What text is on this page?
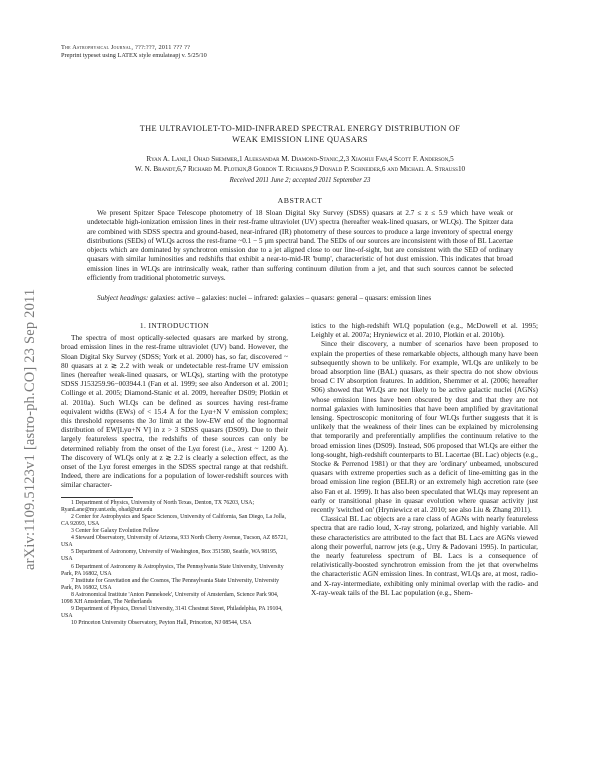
arXiv:1109.5123v1 [astro-ph.CO] 23 Sep 2011
The Astrophysical Journal, ???:???, 2011 ??? ??
Preprint typeset using LATEX style emulateapj v. 5/25/10
THE ULTRAVIOLET-TO-MID-INFRARED SPECTRAL ENERGY DISTRIBUTION OF
WEAK EMISSION LINE QUASARS
Ryan A. Lane,1 Ohad Shemmer,1 Aleksandar M. Diamond-Stanic,2,3 Xiaohui Fan,4 Scott F. Anderson,5
W. N. Brandt,6,7 Richard M. Plotkin,8 Gordon T. Richards,9 Donald P. Schneider,6 and Michael A. Strauss10
Received 2011 June 2; accepted 2011 September 23
ABSTRACT

We present Spitzer Space Telescope photometry of 18 Sloan Digital Sky Survey (SDSS) quasars at 2.7 ≤ z ≤ 5.9 which have weak or undetectable high-ionization emission lines in their rest-frame ultraviolet (UV) spectra (hereafter weak-lined quasars, or WLQs). The Spitzer data are combined with SDSS spectra and ground-based, near-infrared (IR) photometry of these sources to produce a large inventory of spectral energy distributions (SEDs) of WLQs across the rest-frame ~0.1 − 5 μm spectral band. The SEDs of our sources are inconsistent with those of BL Lacertae objects which are dominated by synchrotron emission due to a jet aligned close to our line-of-sight, but are consistent with the SED of ordinary quasars with similar luminosities and redshifts that exhibit a near-to-mid-IR 'bump', characteristic of hot dust emission. This indicates that broad emission lines in WLQs are intrinsically weak, rather than suffering continuum dilution from a jet, and that such sources cannot be selected efficiently from traditional photometric surveys.

Subject headings: galaxies: active – galaxies: nuclei – infrared: galaxies – quasars: general – quasars: emission lines

1. INTRODUCTION

The spectra of most optically-selected quasars are marked by strong, broad emission lines in the rest-frame ultraviolet (UV) band. However, the Sloan Digital Sky Survey (SDSS; York et al. 2000) has, so far, discovered ~ 80 quasars at z ≳ 2.2 with weak or undetectable rest-frame UV emission lines (hereafter weak-lined quasars, or WLQs), starting with the prototype SDSS J153259.96−003944.1 (Fan et al. 1999; see also Anderson et al. 2001; Collinge et al. 2005; Diamond-Stanic et al. 2009, hereafter DS09; Plotkin et al. 2010a). Such WLQs can be defined as sources having rest-frame equivalent widths (EWs) of < 15.4 Å for the Lyα+N V emission complex; this threshold represents the 3σ limit at the low-EW end of the lognormal distribution of EW[Lyα+N V] in z > 3 SDSS quasars (DS09). Due to their largely featureless spectra, the redshifts of these sources can only be determined reliably from the onset of the Lyα forest (i.e., λrest ~ 1200 Å). The discovery of WLQs only at z ≳ 2.2 is clearly a selection effect, as the onset of the Lyα forest emerges in the SDSS spectral range at that redshift. Indeed, there are indications for a population of lower-redshift sources with similar character-

1 Department of Physics, University of North Texas, Denton, TX 76203, USA; RyanLane@my.unt.edu, ohad@unt.edu

2 Center for Astrophysics and Space Sciences, University of California, San Diego, La Jolla, CA 92093, USA

3 Center for Galaxy Evolution Fellow

4 Steward Observatory, University of Arizona, 933 North Cherry Avenue, Tucson, AZ 85721, USA

5 Department of Astronomy, University of Washington, Box 351580, Seattle, WA 98195, USA

6 Department of Astronomy & Astrophysics, The Pennsylvania State University, University Park, PA 16802, USA

7 Institute for Gravitation and the Cosmos, The Pennsylvania State University, University Park, PA 16802, USA

8 Astronomical Institute 'Anton Pannekoek', University of Amsterdam, Science Park 904, 1098 XH Amsterdam, The Netherlands

9 Department of Physics, Drexel University, 3141 Chestnut Street, Philadelphia, PA 19104, USA

10 Princeton University Observatory, Peyton Hall, Princeton, NJ 08544, USA

istics to the high-redshift WLQ population (e.g., McDowell et al. 1995; Leighly et al. 2007a; Hryniewicz et al. 2010, Plotkin et al. 2010b).

Since their discovery, a number of scenarios have been proposed to explain the properties of these remarkable objects, although many have been subsequently shown to be unlikely. For example, WLQs are unlikely to be broad absorption line (BAL) quasars, as their spectra do not show obvious broad C IV absorption features. In addition, Shemmer et al. (2006; hereafter S06) showed that WLQs are not likely to be active galactic nuclei (AGNs) whose emission lines have been obscured by dust and that they are not normal galaxies with luminosities that have been amplified by gravitational lensing. Spectroscopic monitoring of four WLQs further suggests that it is unlikely that the weakness of their lines can be explained by microlensing that temporarily and preferentially amplifies the continuum relative to the broad emission lines (DS09). Instead, S06 proposed that WLQs are either the long-sought, high-redshift counterparts to BL Lacertae (BL Lac) objects (e.g., Stocke & Perrenod 1981) or that they are 'ordinary' unbeamed, unobscured quasars with extreme properties such as a deficit of line-emitting gas in the broad emission line region (BELR) or an extremely high accretion rate (see also Fan et al. 1999). It has also been speculated that WLQs may represent an early or transitional phase in quasar evolution where quasar activity just recently 'switched on' (Hryniewicz et al. 2010; see also Liu & Zhang 2011).

Classical BL Lac objects are a rare class of AGNs with nearly featureless spectra that are radio loud, X-ray strong, polarized, and highly variable. All these characteristics are attributed to the fact that BL Lacs are AGNs viewed along their powerful, narrow jets (e.g., Urry & Padovani 1995). In particular, the nearly featureless spectrum of BL Lacs is a consequence of relativistically-boosted synchrotron emission from the jet that overwhelms the characteristic AGN emission lines. In contrast, WLQs are, at most, radio- and X-ray-intermediate, exhibiting only minimal overlap with the radio- and X-ray-weak tails of the BL Lac population (e.g., Shem-
